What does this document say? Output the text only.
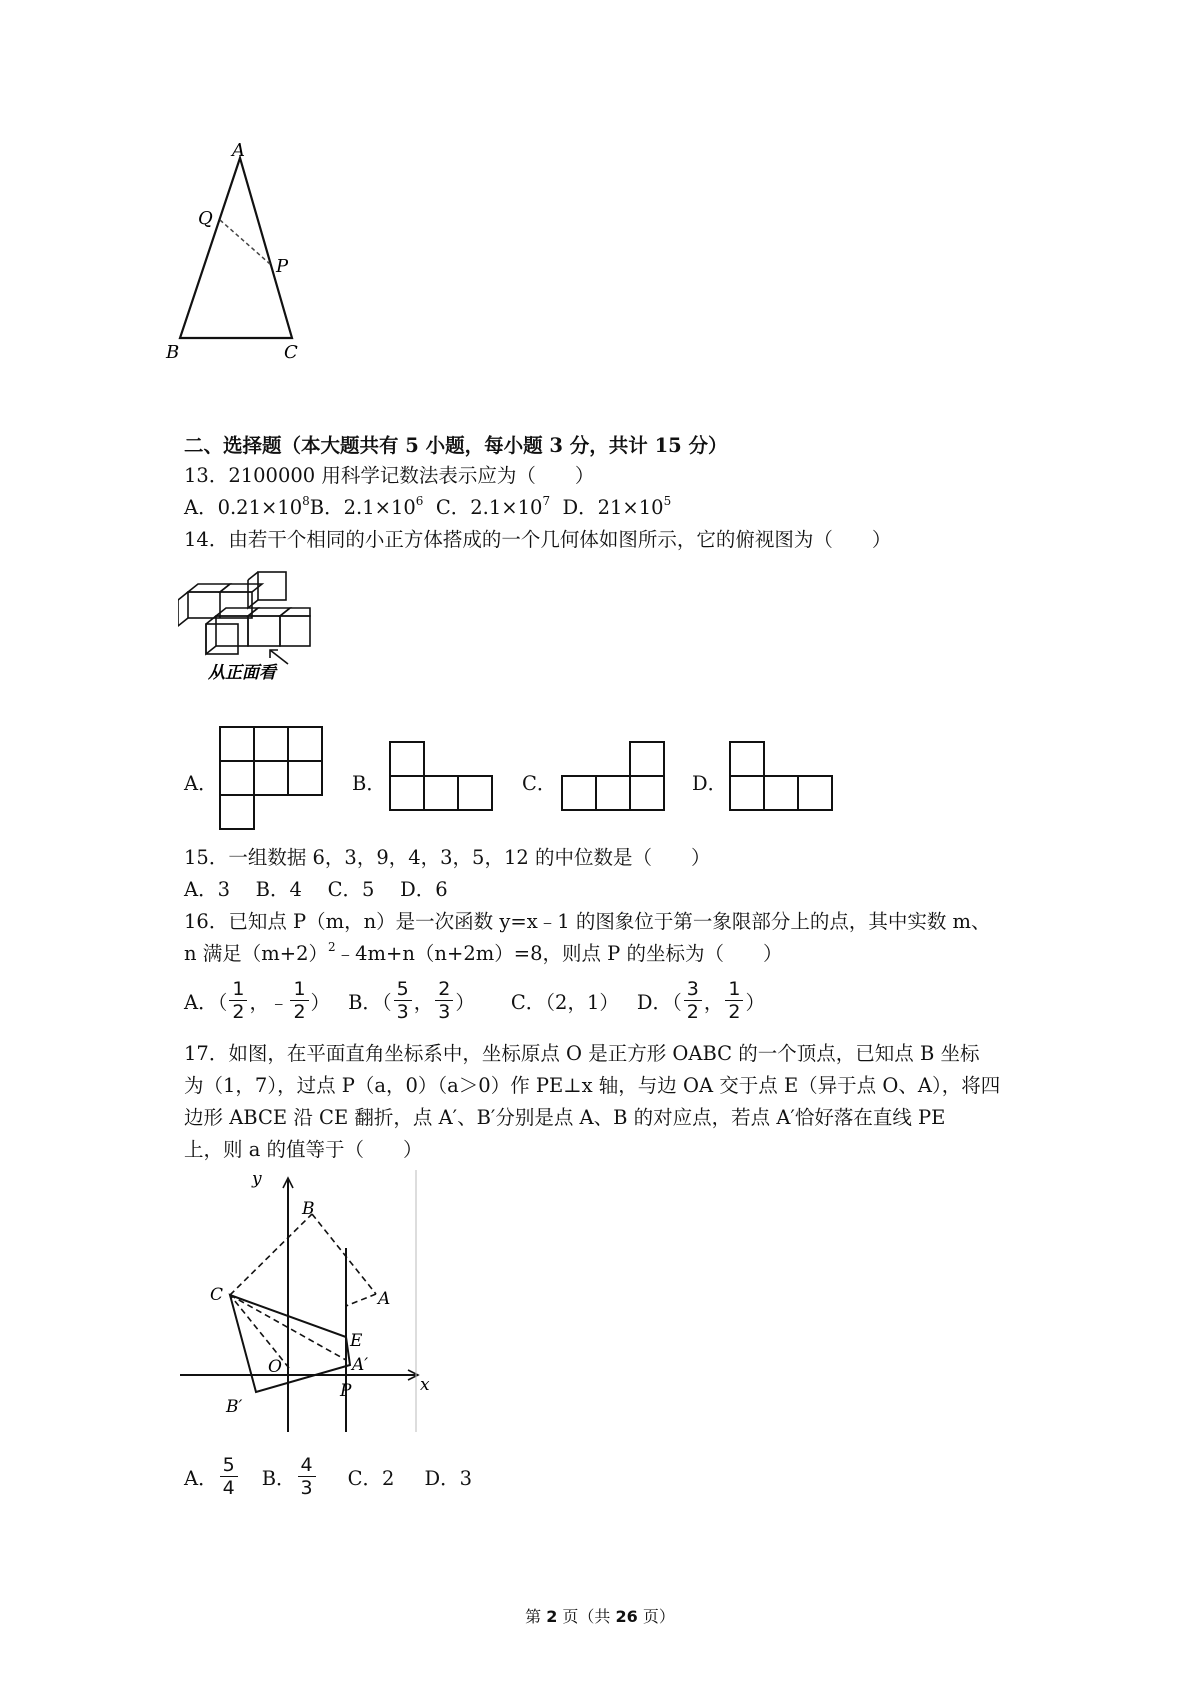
A
Q
P
B	C
二、选择题（本大题共有 5 小题，每小题 3 分，共计 15 分）
13．2100000 用科学记数法表示应为（　　）
A．$0.21\times 10^8B$．$2.1\times 10^6$ C．$2.1\times 10^7$ D．$21\times 10^5$
14．由若干个相同的小正方体搭成的一个几何体如图所示，它的俯视图为（　　）
从正面看
A．	B．	C．	D．
15．一组数据 6，3，9，4，3，5，12 的中位数是（　　）
A．3　 B．4　 C．5　 D．6
16．已知点 P（m，n）是一次函数 y=x﹣1 的图象位于第一象限部分上的点，其中实数 m、
n 满足$(m+2)^2﹣4m+n(n+2m)=8$，则点 P 的坐标为（　　）
A．（ $\frac{1}{2}$ ，﹣ $\frac{1}{2}$ ） B．（ $\frac{5}{3}$ ， $\frac{2}{3}$ ） C．（2，1） D．（ $\frac{3}{2}$ ， $\frac{1}{2}$ ）
17．如图，在平面直角坐标系中，坐标原点 O 是正方形 OABC 的一个顶点，已知点 B 坐标
为（1，7），过点 P（a，0）（a＞0）作 PE⊥x 轴，与边 OA 交于点 E（异于点 O、A），将四
边形 ABCE 沿 CE 翻折，点 A′、B′分别是点 A、B 的对应点，若点 A′恰好落在直线 PE
上，则 a 的值等于（　　）
y
x
B
C	A
E
O	A′
P
B′
A． $\frac{5}{4}$ B． $\frac{4}{3}$ C．2 D．3
第 2 页（共 26 页）
